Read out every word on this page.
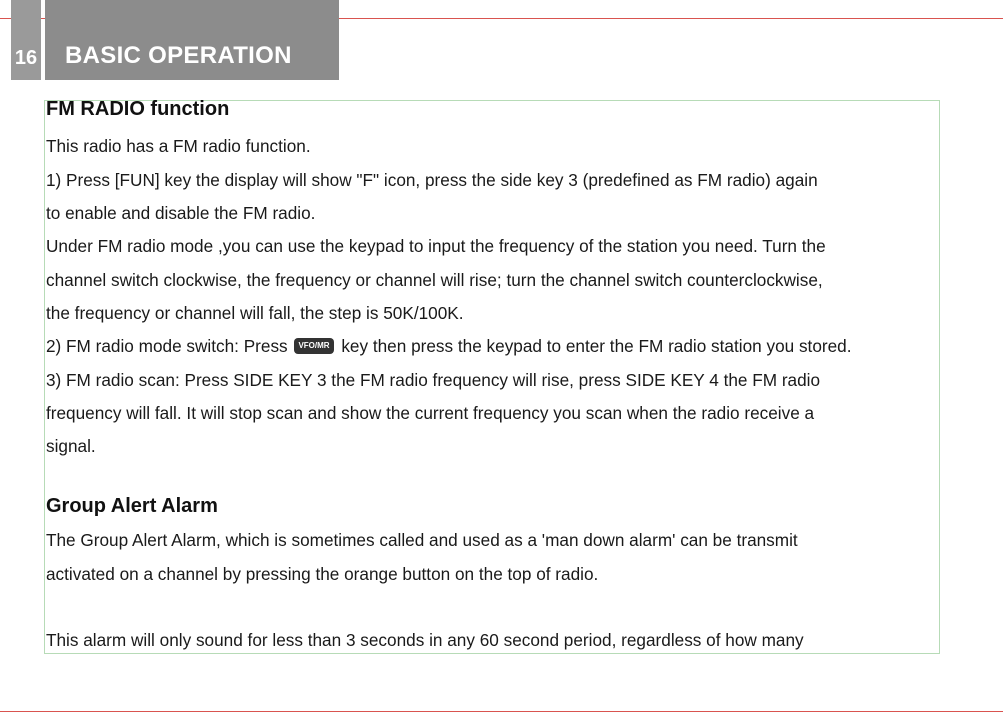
16 BASIC OPERATION
FM RADIO function
This radio has a FM radio function.
1) Press [FUN] key the display will show "F" icon, press the side key 3 (predefined as FM radio) again
to enable and disable the FM radio.
Under FM radio mode ,you can use the keypad to input the frequency of the station you need. Turn the
channel switch clockwise, the frequency or channel will rise; turn the channel switch counterclockwise,
the frequency or channel will fall, the step is 50K/100K.
2) FM radio mode switch: Press VFO/MR key then press the keypad to enter the FM radio station you stored.
3) FM radio scan: Press SIDE KEY 3 the FM radio frequency will rise, press SIDE KEY 4 the FM radio
frequency will fall. It will stop scan and show the current frequency you scan when the radio receive a
signal.
Group Alert Alarm
The Group Alert Alarm, which is sometimes called and used as a 'man down alarm' can be transmit
activated on a channel by pressing the orange button on the top of radio.
This alarm will only sound for less than 3 seconds in any 60 second period, regardless of how many
